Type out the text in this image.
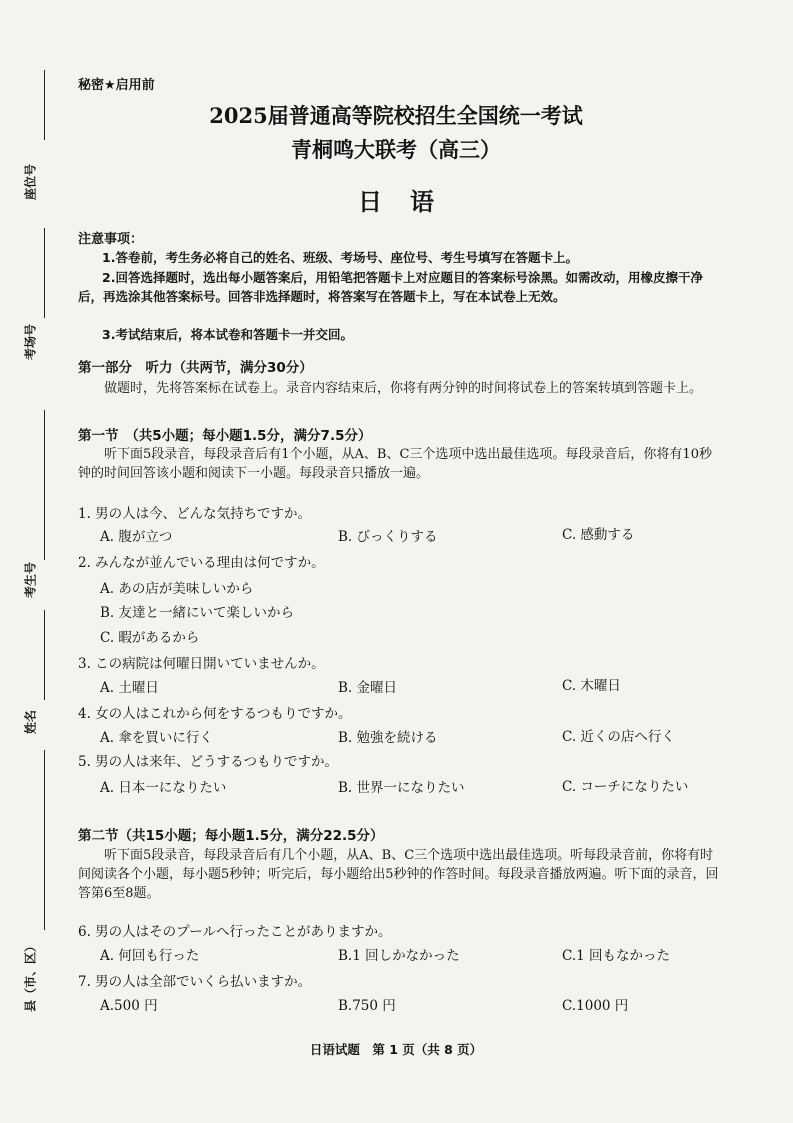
座位号
考场号
考生号
姓名
县（市、区）
秘密★启用前
2025届普通高等院校招生全国统一考试
青桐鸣大联考（高三）
日语
注意事项：
1.答卷前，考生务必将自己的姓名、班级、考场号、座位号、考生号填写在答题卡上。
2.回答选择题时，选出每小题答案后，用铅笔把答题卡上对应题目的答案标号涂黑。如需改动，用橡皮擦干净后，再选涂其他答案标号。回答非选择题时，将答案写在答题卡上，写在本试卷上无效。
3.考试结束后，将本试卷和答题卡一并交回。
第一部分　听力（共两节，满分30分）
做题时，先将答案标在试卷上。录音内容结束后，你将有两分钟的时间将试卷上的答案转填到答题卡上。
第一节　（共5小题；每小题1.5分，满分7.5分）
听下面5段录音，每段录音后有1个小题，从A、B、C三个选项中选出最佳选项。每段录音后，你将有10秒钟的时间回答该小题和阅读下一小题。每段录音只播放一遍。
1. 男の人は今、どんな気持ちですか。
A. 腹が立つ	B. びっくりする	C. 感動する
2. みんなが並んでいる理由は何ですか。
A. あの店が美味しいから
B. 友達と一緒にいて楽しいから
C. 暇があるから
3. この病院は何曜日開いていませんか。
A. 土曜日	B. 金曜日	C. 木曜日
4. 女の人はこれから何をするつもりですか。
A. 傘を買いに行く	B. 勉強を続ける	C. 近くの店へ行く
5. 男の人は来年、どうするつもりですか。
A. 日本一になりたい	B. 世界一になりたい	C. コーチになりたい
第二节（共15小题；每小题1.5分，满分22.5分）
听下面5段录音，每段录音后有几个小题，从A、B、C三个选项中选出最佳选项。听每段录音前，你将有时间阅读各个小题，每小题5秒钟；听完后，每小题给出5秒钟的作答时间。每段录音播放两遍。听下面的录音，回答第6至8题。
6. 男の人はそのプールへ行ったことがありますか。
A. 何回も行った	B.1 回しかなかった	C.1 回もなかった
7. 男の人は全部でいくら払いますか。
A.500 円	B.750 円	C.1000 円
日语试题　第 1 页（共 8 页）
